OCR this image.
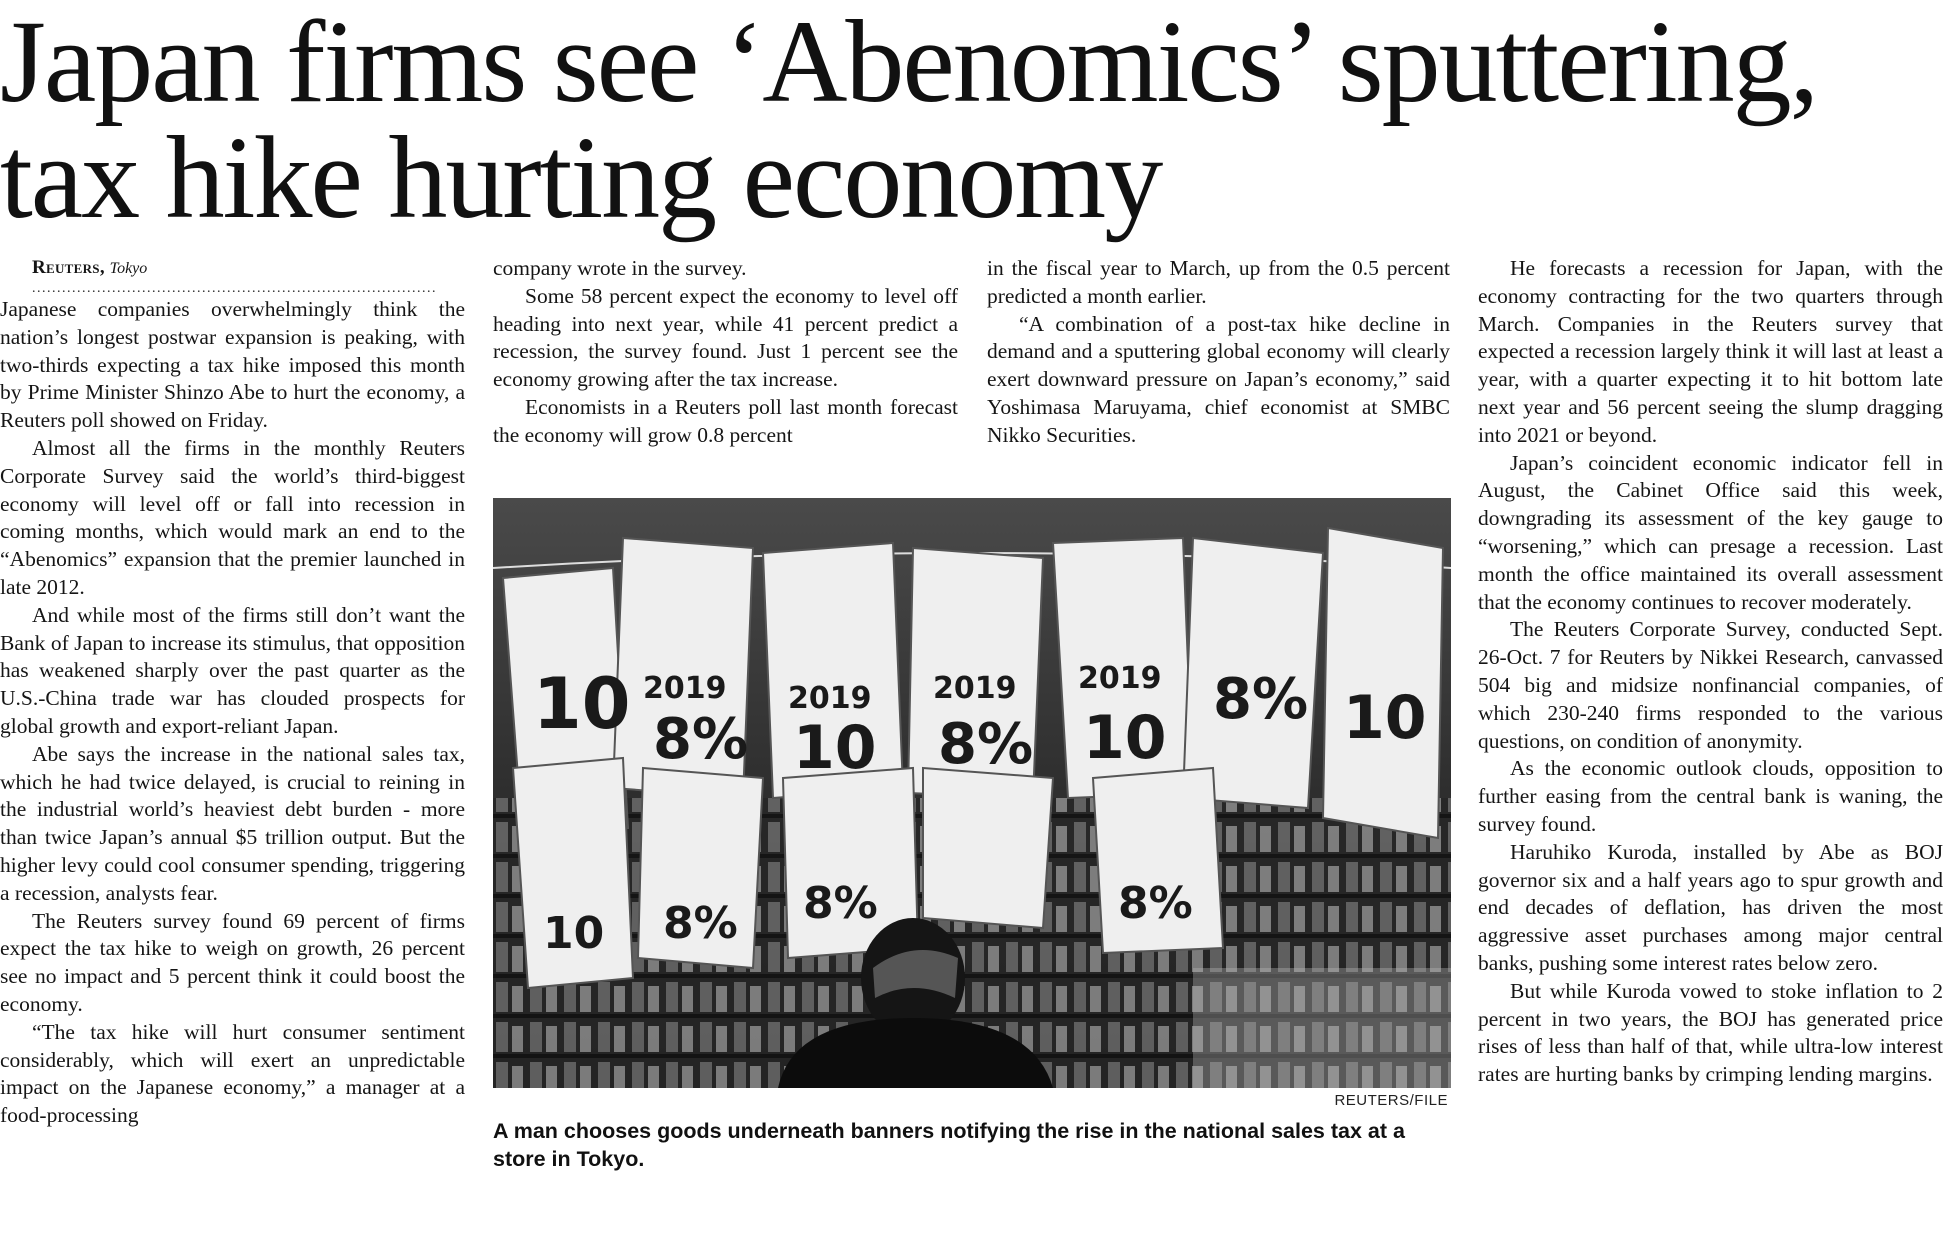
Japan firms see ‘Abenomics’ sputtering, tax hike hurting economy

Reuters, Tokyo

.................................................................................

Japanese companies overwhelmingly think the nation’s longest postwar expansion is peaking, with two-thirds expecting a tax hike imposed this month by Prime Minister Shinzo Abe to hurt the economy, a Reuters poll showed on Friday.

Almost all the firms in the monthly Reuters Corporate Survey said the world’s third-biggest economy will level off or fall into recession in coming months, which would mark an end to the “Abenomics” expansion that the premier launched in late 2012.

And while most of the firms still don’t want the Bank of Japan to increase its stimulus, that opposition has weakened sharply over the past quarter as the U.S.-China trade war has clouded prospects for global growth and export-reliant Japan.

Abe says the increase in the national sales tax, which he had twice delayed, is crucial to reining in the industrial world’s heaviest debt burden - more than twice Japan’s annual $5 trillion output. But the higher levy could cool consumer spending, triggering a recession, analysts fear.

The Reuters survey found 69 percent of firms expect the tax hike to weigh on growth, 26 percent see no impact and 5 percent think it could boost the economy.

“The tax hike will hurt consumer sentiment considerably, which will exert an unpredictable impact on the Japanese economy,” a manager at a food-processing

company wrote in the survey.

Some 58 percent expect the economy to level off heading into next year, while 41 percent predict a recession, the survey found. Just 1 percent see the economy growing after the tax increase.

Economists in a Reuters poll last month forecast the economy will grow 0.8 percent

in the fiscal year to March, up from the 0.5 percent predicted a month earlier.

“A combination of a post-tax hike decline in demand and a sputtering global economy will clearly exert downward pressure on Japan’s economy,” said Yoshimasa Maruyama, chief economist at SMBC Nikko Securities.

He forecasts a recession for Japan, with the economy contracting for the two quarters through March. Companies in the Reuters survey that expected a recession largely think it will last at least a year, with a quarter expecting it to hit bottom late next year and 56 percent seeing the slump dragging into 2021 or beyond.

Japan’s coincident economic indicator fell in August, the Cabinet Office said this week, downgrading its assessment of the key gauge to “worsening,” which can presage a recession. Last month the office maintained its overall assessment that the economy continues to recover moderately.

The Reuters Corporate Survey, conducted Sept. 26-Oct. 7 for Reuters by Nikkei Research, canvassed 504 big and midsize nonfinancial companies, of which 230-240 firms responded to the various questions, on condition of anonymity.

As the economic outlook clouds, opposition to further easing from the central bank is waning, the survey found.

Haruhiko Kuroda, installed by Abe as BOJ governor six and a half years ago to spur growth and end decades of deflation, has driven the most aggressive asset purchases among major central banks, pushing some interest rates below zero.

But while Kuroda vowed to stoke inflation to 2 percent in two years, the BOJ has generated price rises of less than half of that, while ultra-low interest rates are hurting banks by crimping lending margins.

10 2019
8%
2019
10
2019
8%
2019
10
8% 10
8% 8%
10
8%
REUTERS/FILE

A man chooses goods underneath banners notifying the rise in the national sales tax at a store in Tokyo.
